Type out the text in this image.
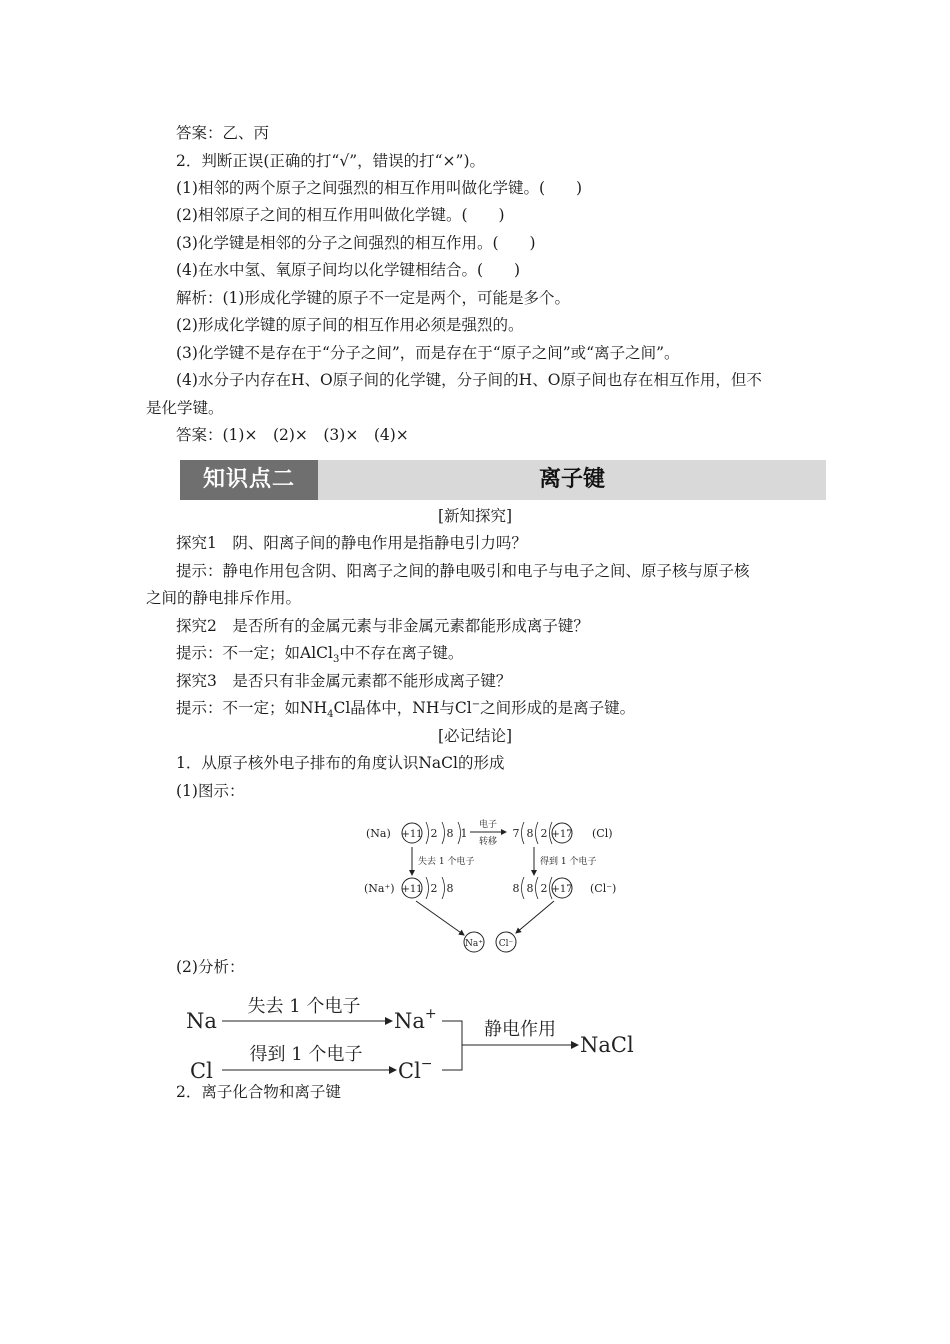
答案：乙、丙
2．判断正误(正确的打“√”，错误的打“×”)。
(1)相邻的两个原子之间强烈的相互作用叫做化学键。(　　)
(2)相邻原子之间的相互作用叫做化学键。(　　)
(3)化学键是相邻的分子之间强烈的相互作用。(　　)
(4)在水中氢、氧原子间均以化学键相结合。(　　)
解析：(1)形成化学键的原子不一定是两个，可能是多个。
(2)形成化学键的原子间的相互作用必须是强烈的。
(3)化学键不是存在于“分子之间”，而是存在于“原子之间”或“离子之间”。
(4)水分子内存在H、O原子间的化学键，分子间的H、O原子间也存在相互作用，但不
是化学键。
答案：(1)×　(2)×　(3)×　(4)×
知识点二	离子键
[新知探究]
探究1　阴、阳离子间的静电作用是指静电引力吗？
提示：静电作用包含阴、阳离子之间的静电吸引和电子与电子之间、原子核与原子核
之间的静电排斥作用。
探究2　是否所有的金属元素与非金属元素都能形成离子键？
提示：不一定；如AlCl$_3$中不存在离子键。
探究3　是否只有非金属元素都不能形成离子键？
提示：不一定；如$NH_4Cl$晶体中，NH与Cl−之间形成的是离子键。
[必记结论]
1．从原子核外电子排布的角度认识NaCl的形成
(1)图示：
(Na) +11 2 8 1
电子
转移
7 8 2 +17 (Cl)
失去 1 个电子	得到 1 个电子
(Na⁺) +11 2 8	8 8 2 +17 (Cl⁻)
Na⁺ Cl⁻
(2)分析：
Na
失去 1 个电子
Na+
Cl
得到 1 个电子
Cl−
静电作用
NaCl
2．离子化合物和离子键
